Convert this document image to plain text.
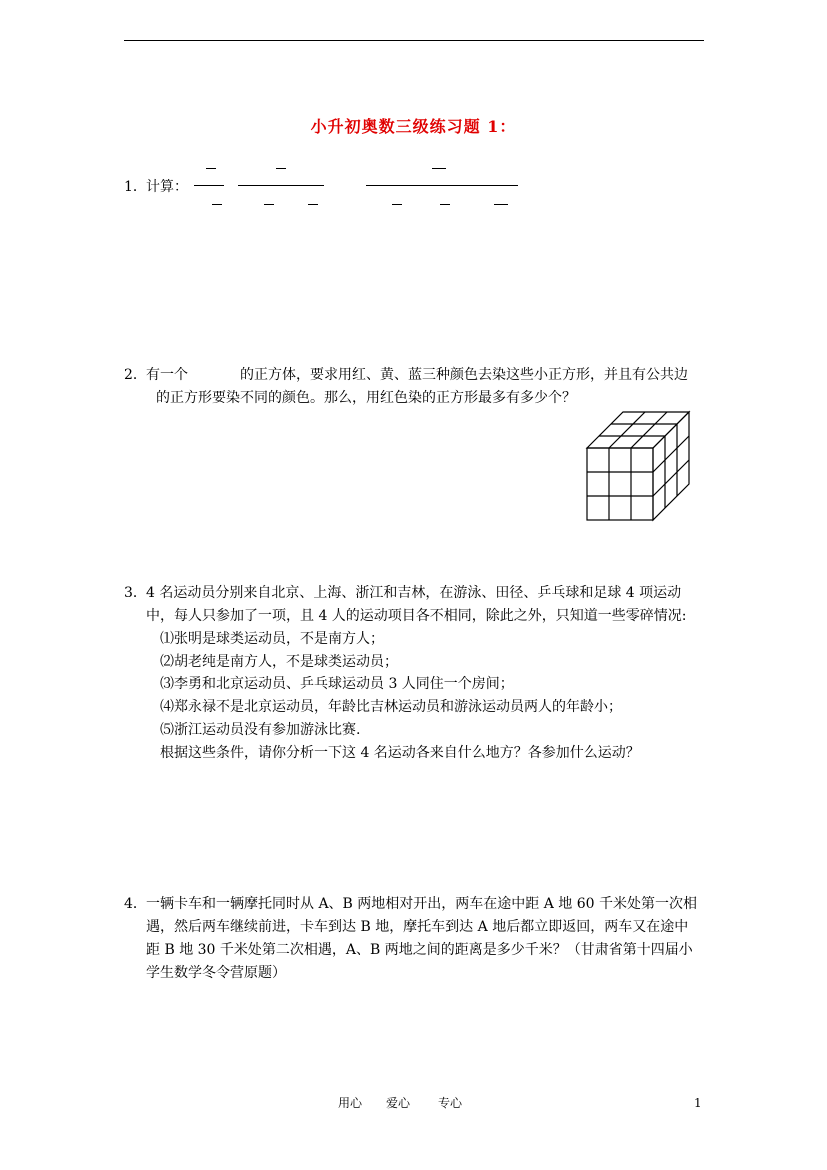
小升初奥数三级练习题 1：
1． 计算：
2． 有一个	的正方体，要求用红、黄、蓝三种颜色去染这些小正方形，并且有公共边
的正方形要染不同的颜色。那么，用红色染的正方形最多有多少个？
3． 4 名运动员分别来自北京、上海、浙江和吉林，在游泳、田径、乒乓球和足球 4 项运动
中，每人只参加了一项，且 4 人的运动项目各不相同，除此之外，只知道一些零碎情况:
⑴张明是球类运动员，不是南方人；
⑵胡老纯是南方人，不是球类运动员；
⑶李勇和北京运动员、乒乓球运动员 3 人同住一个房间；
⑷郑永禄不是北京运动员，年龄比吉林运动员和游泳运动员两人的年龄小；
⑸浙江运动员没有参加游泳比赛.
根据这些条件，请你分析一下这 4 名运动各来自什么地方？各参加什么运动？
4． 一辆卡车和一辆摩托同时从 A、B 两地相对开出，两车在途中距 A 地 60 千米处第一次相
遇，然后两车继续前进，卡车到达 B 地，摩托车到达 A 地后都立即返回，两车又在途中
距 B 地 30 千米处第二次相遇，A、B 两地之间的距离是多少千米？（甘肃省第十四届小
学生数学冬令营原题）
用心 爱心 专心	1
